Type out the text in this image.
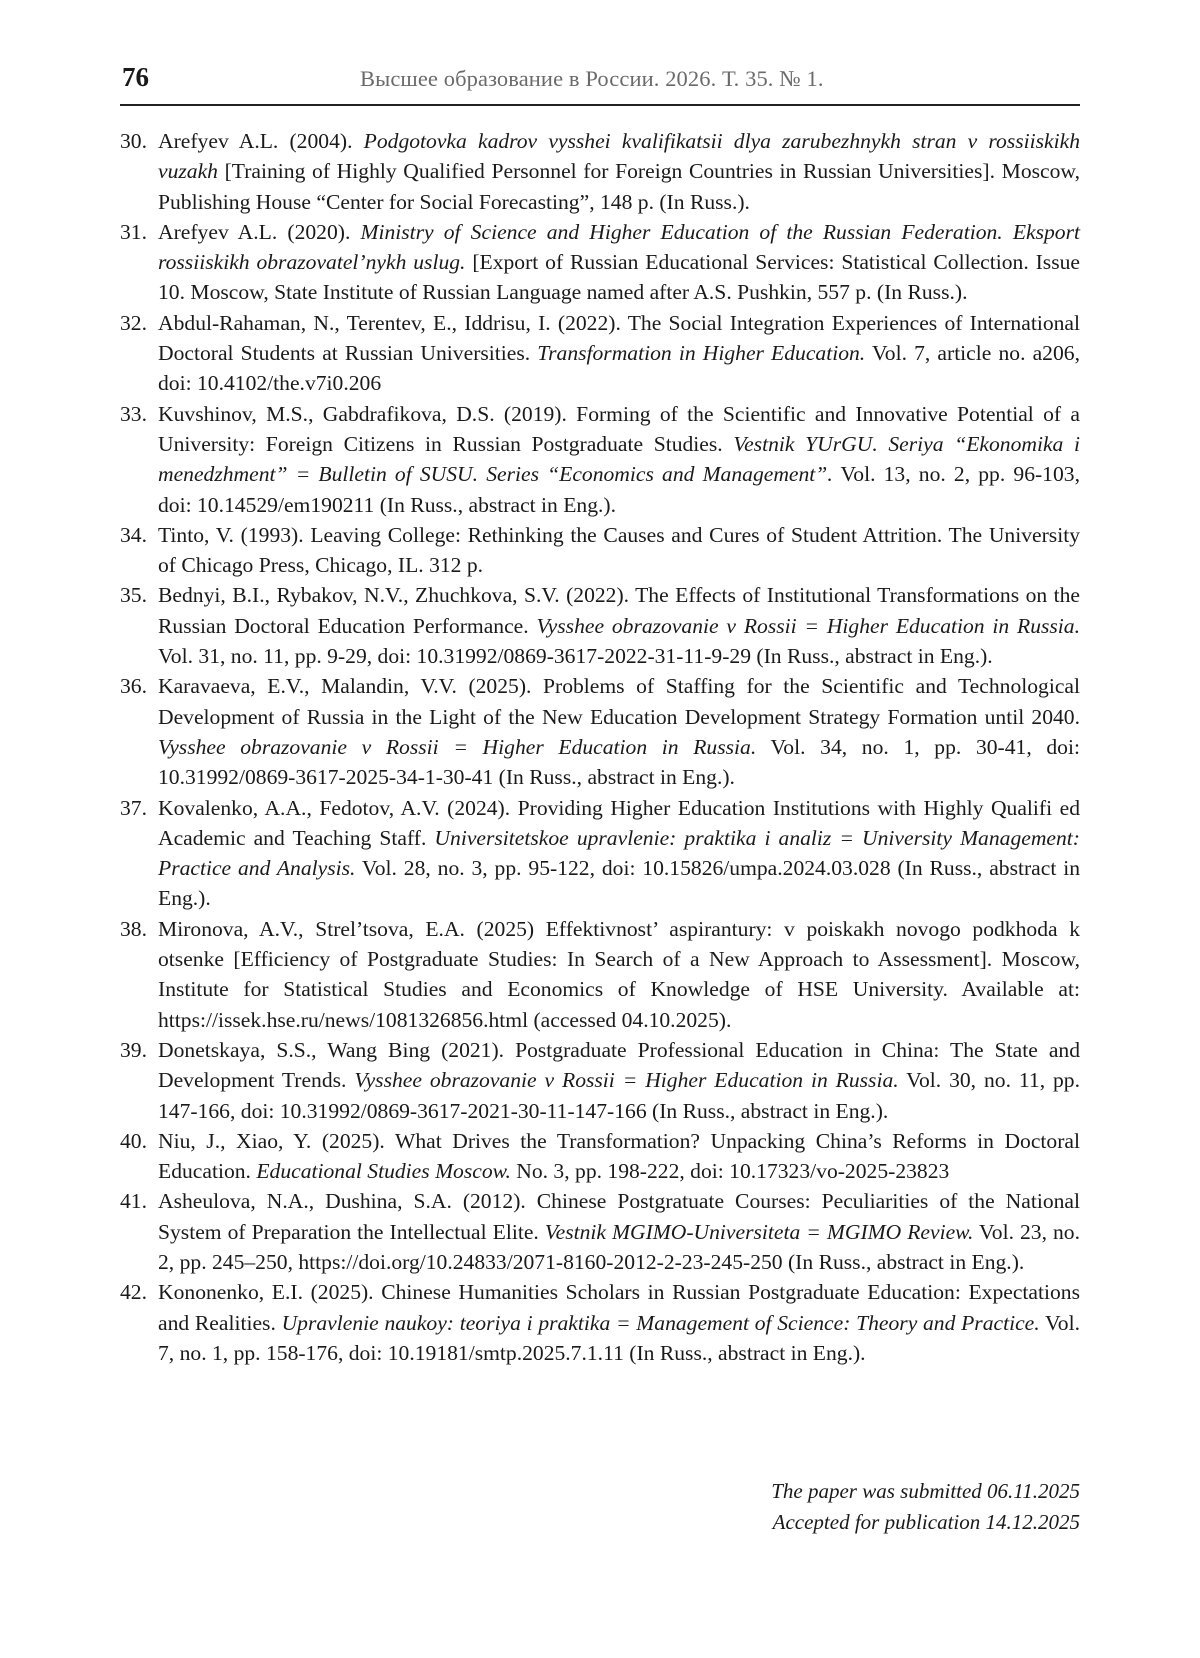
76	Высшее образование в России. 2026. Т. 35. № 1.
30. Arefyev A.L. (2004). Podgotovka kadrov vysshei kvalifikatsii dlya zarubezhnykh stran v rossiiskikh vuzakh [Training of Highly Qualified Personnel for Foreign Countries in Russian Universities]. Moscow, Publishing House “Center for Social Forecasting”, 148 p. (In Russ.).
31. Arefyev A.L. (2020). Ministry of Science and Higher Education of the Russian Federation. Eksport rossiiskikh obrazovatel’nykh uslug. [Export of Russian Educational Services: Statistical Collection. Issue 10. Moscow, State Institute of Russian Language named after A.S. Pushkin, 557 p. (In Russ.).
32. Abdul-Rahaman, N., Terentev, E., Iddrisu, I. (2022). The Social Integration Experiences of International Doctoral Students at Russian Universities. Transformation in Higher Education. Vol. 7, article no. a206, doi: 10.4102/the.v7i0.206
33. Kuvshinov, M.S., Gabdrafikova, D.S. (2019). Forming of the Scientific and Innovative Potential of a University: Foreign Citizens in Russian Postgraduate Studies. Vestnik YUrGU. Seriya “Ekonomika i menedzhment” = Bulletin of SUSU. Series “Economics and Management”. Vol. 13, no. 2, pp. 96-103, doi: 10.14529/em190211 (In Russ., abstract in Eng.).
34. Tinto, V. (1993). Leaving College: Rethinking the Causes and Cures of Student Attrition. The University of Chicago Press, Chicago, IL. 312 p.
35. Bednyi, B.I., Rybakov, N.V., Zhuchkova, S.V. (2022). The Effects of Institutional Transformations on the Russian Doctoral Education Performance. Vysshee obrazovanie v Rossii = Higher Education in Russia. Vol. 31, no. 11, pp. 9-29, doi: 10.31992/0869-3617-2022-31-11-9-29 (In Russ., abstract in Eng.).
36. Karavaeva, E.V., Malandin, V.V. (2025). Problems of Staffing for the Scientific and Technological Development of Russia in the Light of the New Education Development Strategy Formation until 2040. Vysshee obrazovanie v Rossii = Higher Education in Russia. Vol. 34, no. 1, pp. 30-41, doi: 10.31992/0869-3617-2025-34-1-30-41 (In Russ., abstract in Eng.).
37. Kovalenko, A.A., Fedotov, A.V. (2024). Providing Higher Education Institutions with Highly Qualifi ed Academic and Teaching Staff. Universitetskoe upravlenie: praktika i analiz = University Management: Practice and Analysis. Vol. 28, no. 3, pp. 95-122, doi: 10.15826/umpa.2024.03.028 (In Russ., abstract in Eng.).
38. Mironova, A.V., Strel’tsova, E.A. (2025) Effektivnost’ aspirantury: v poiskakh novogo podkhoda k otsenke [Efficiency of Postgraduate Studies: In Search of a New Approach to Assessment]. Moscow, Institute for Statistical Studies and Economics of Knowledge of HSE University. Available at: https://issek.hse.ru/news/1081326856.html (accessed 04.10.2025).
39. Donetskaya, S.S., Wang Bing (2021). Postgraduate Professional Education in China: The State and Development Trends. Vysshee obrazovanie v Rossii = Higher Education in Russia. Vol. 30, no. 11, pp. 147-166, doi: 10.31992/0869-3617-2021-30-11-147-166 (In Russ., abstract in Eng.).
40. Niu, J., Xiao, Y. (2025). What Drives the Transformation? Unpacking China’s Reforms in Doctoral Education. Educational Studies Moscow. No. 3, pp. 198-222, doi: 10.17323/vo-2025-23823
41. Asheulova, N.A., Dushina, S.A. (2012). Chinese Postgratuate Courses: Peculiarities of the National System of Preparation the Intellectual Elite. Vestnik MGIMO-Universiteta = MGIMO Review. Vol. 23, no. 2, pp. 245–250, https://doi.org/10.24833/2071-8160-2012-2-23-245-250 (In Russ., abstract in Eng.).
42. Kononenko, E.I. (2025). Chinese Humanities Scholars in Russian Postgraduate Education: Expectations and Realities. Upravlenie naukoy: teoriya i praktika = Management of Science: Theory and Practice. Vol. 7, no. 1, pp. 158-176, doi: 10.19181/smtp.2025.7.1.11 (In Russ., abstract in Eng.).
The paper was submitted 06.11.2025
Accepted for publication 14.12.2025
